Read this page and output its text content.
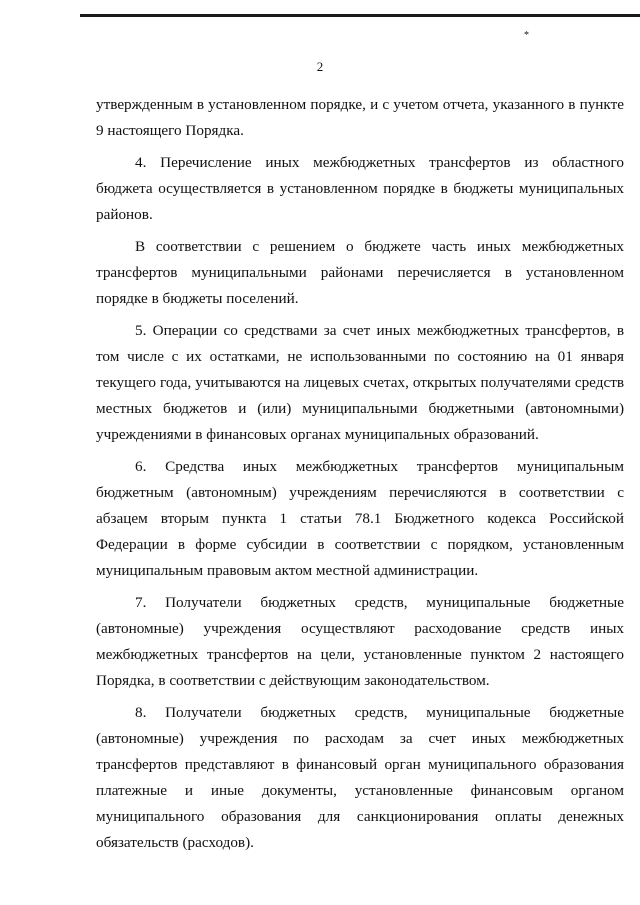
*
2

утвержденным в установленном порядке, и с учетом отчета, указанного в пункте 9 настоящего Порядка.

4. Перечисление иных межбюджетных трансфертов из областного бюджета осуществляется в установленном порядке в бюджеты муниципальных районов.

В соответствии с решением о бюджете часть иных межбюджетных трансфертов муниципальными районами перечисляется в установленном порядке в бюджеты поселений.

5. Операции со средствами за счет иных межбюджетных трансфертов, в том числе с их остатками, не использованными по состоянию на 01 января текущего года, учитываются на лицевых счетах, открытых получателями средств местных бюджетов и (или) муниципальными бюджетными (автономными) учреждениями в финансовых органах муниципальных образований.

6. Средства иных межбюджетных трансфертов муниципальным бюджетным (автономным) учреждениям перечисляются в соответствии с абзацем вторым пункта 1 статьи 78.1 Бюджетного кодекса Российской Федерации в форме субсидии в соответствии с порядком, установленным муниципальным правовым актом местной администрации.

7. Получатели бюджетных средств, муниципальные бюджетные (автономные) учреждения осуществляют расходование средств иных межбюджетных трансфертов на цели, установленные пунктом 2 настоящего Порядка, в соответствии с действующим законодательством.

8. Получатели бюджетных средств, муниципальные бюджетные (автономные) учреждения по расходам за счет иных межбюджетных трансфертов представляют в финансовый орган муниципального образования платежные и иные документы, установленные финансовым органом муниципального образования для санкционирования оплаты денежных обязательств (расходов).
